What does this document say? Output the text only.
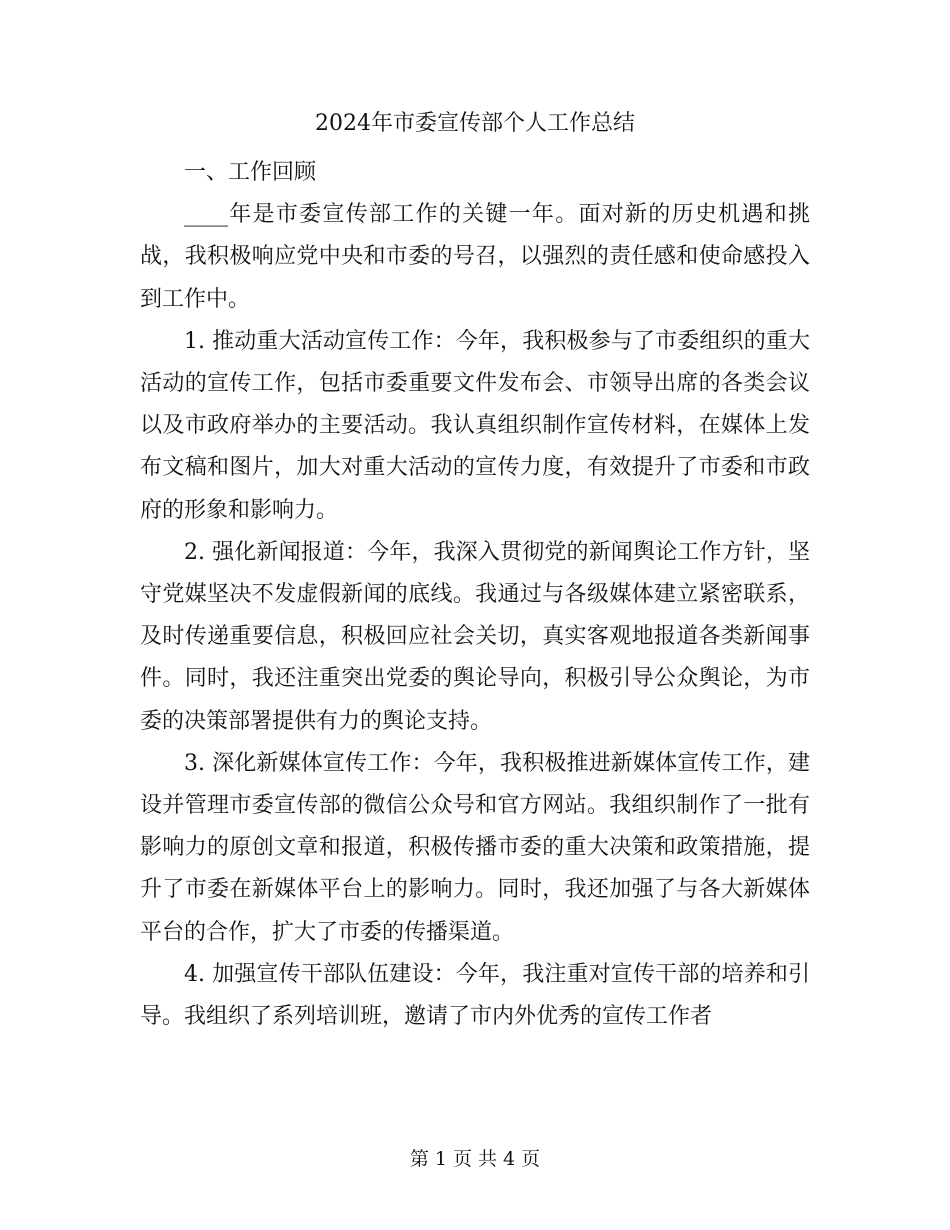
2024年市委宣传部个人工作总结

一、工作回顾

____年是市委宣传部工作的关键一年。面对新的历史机遇和挑战，我积极响应党中央和市委的号召，以强烈的责任感和使命感投入到工作中。

1. 推动重大活动宣传工作：今年，我积极参与了市委组织的重大活动的宣传工作，包括市委重要文件发布会、市领导出席的各类会议以及市政府举办的主要活动。我认真组织制作宣传材料，在媒体上发布文稿和图片，加大对重大活动的宣传力度，有效提升了市委和市政府的形象和影响力。

2. 强化新闻报道：今年，我深入贯彻党的新闻舆论工作方针，坚守党媒坚决不发虚假新闻的底线。我通过与各级媒体建立紧密联系，及时传递重要信息，积极回应社会关切，真实客观地报道各类新闻事件。同时，我还注重突出党委的舆论导向，积极引导公众舆论，为市委的决策部署提供有力的舆论支持。

3. 深化新媒体宣传工作：今年，我积极推进新媒体宣传工作，建设并管理市委宣传部的微信公众号和官方网站。我组织制作了一批有影响力的原创文章和报道，积极传播市委的重大决策和政策措施，提升了市委在新媒体平台上的影响力。同时，我还加强了与各大新媒体平台的合作，扩大了市委的传播渠道。

4. 加强宣传干部队伍建设：今年，我注重对宣传干部的培养和引导。我组织了系列培训班，邀请了市内外优秀的宣传工作者

第 1 页 共 4 页
